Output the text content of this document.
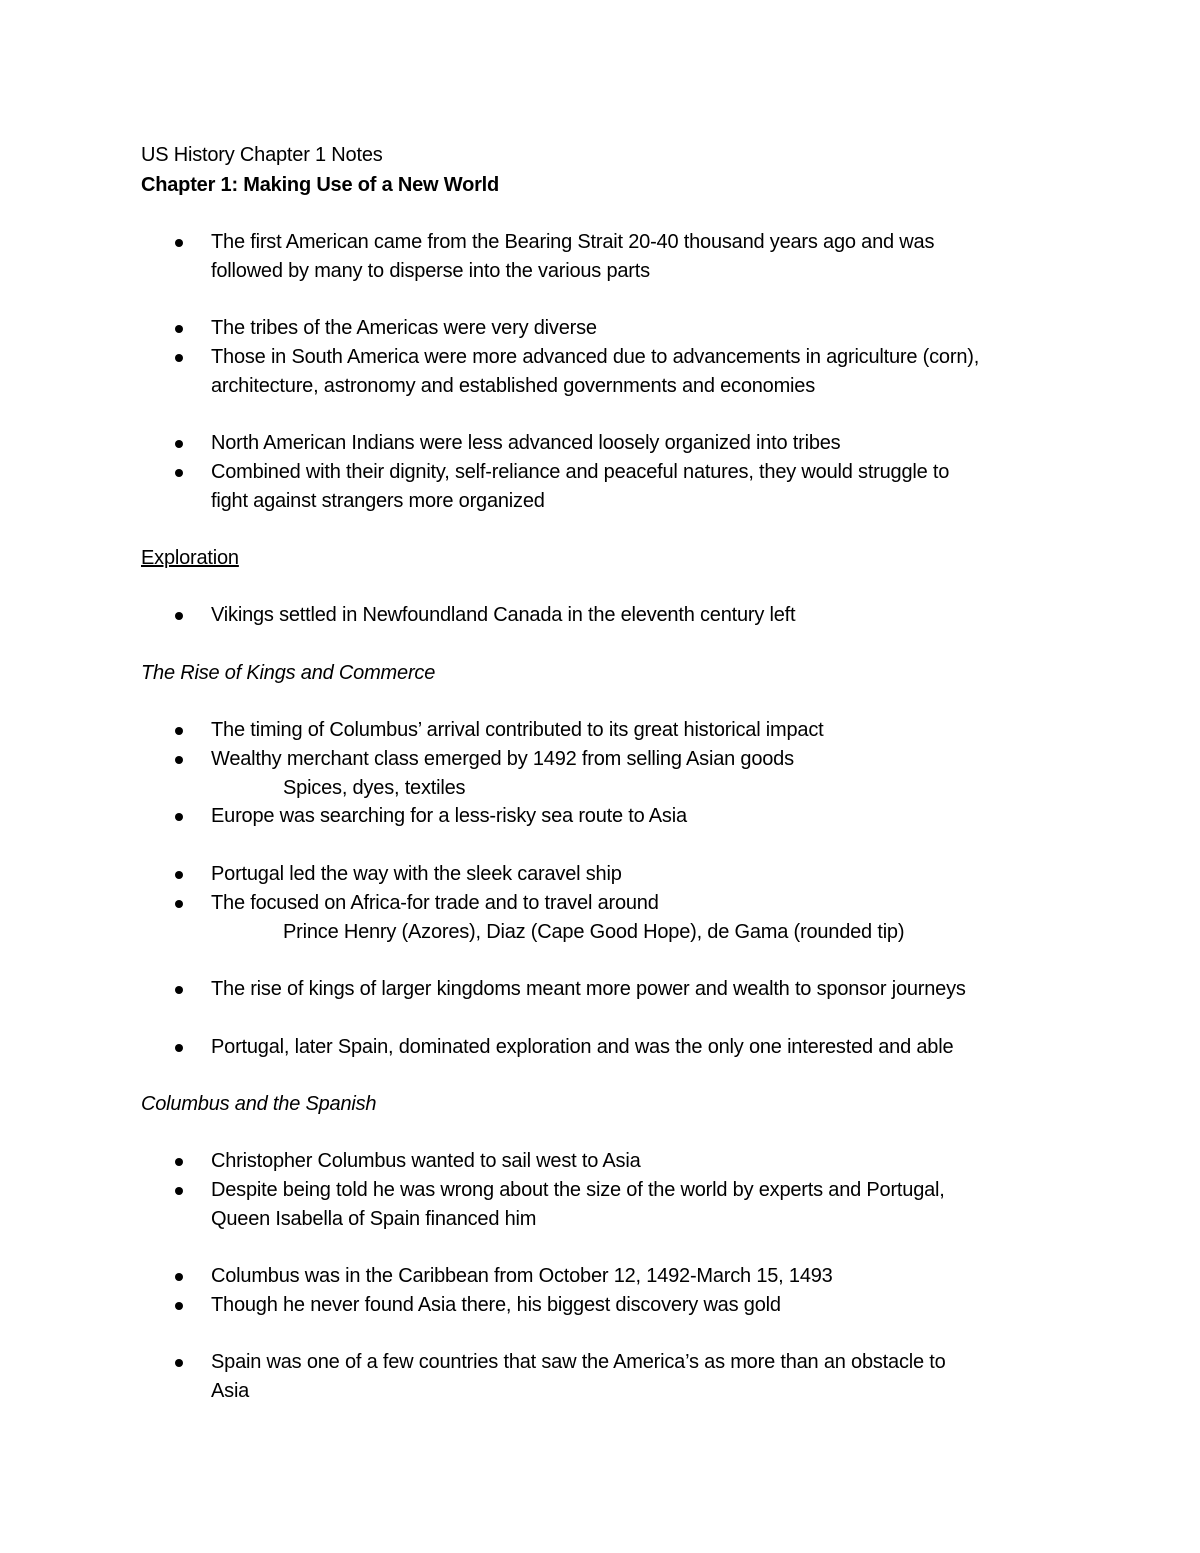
US History Chapter 1 Notes
Chapter 1: Making Use of a New World
The first American came from the Bearing Strait 20-40 thousand years ago and was
followed by many to disperse into the various parts
The tribes of the Americas were very diverse
Those in South America were more advanced due to advancements in agriculture (corn),
architecture, astronomy and established governments and economies
North American Indians were less advanced loosely organized into tribes
Combined with their dignity, self-reliance and peaceful natures, they would struggle to
fight against strangers more organized
Exploration
Vikings settled in Newfoundland Canada in the eleventh century left
The Rise of Kings and Commerce
The timing of Columbus’ arrival contributed to its great historical impact
Wealthy merchant class emerged by 1492 from selling Asian goods
Spices, dyes, textiles
Europe was searching for a less-risky sea route to Asia
Portugal led the way with the sleek caravel ship
The focused on Africa-for trade and to travel around
Prince Henry (Azores), Diaz (Cape Good Hope), de Gama (rounded tip)
The rise of kings of larger kingdoms meant more power and wealth to sponsor journeys
Portugal, later Spain, dominated exploration and was the only one interested and able
Columbus and the Spanish
Christopher Columbus wanted to sail west to Asia
Despite being told he was wrong about the size of the world by experts and Portugal,
Queen Isabella of Spain financed him
Columbus was in the Caribbean from October 12, 1492-March 15, 1493
Though he never found Asia there, his biggest discovery was gold
Spain was one of a few countries that saw the America’s as more than an obstacle to
Asia
